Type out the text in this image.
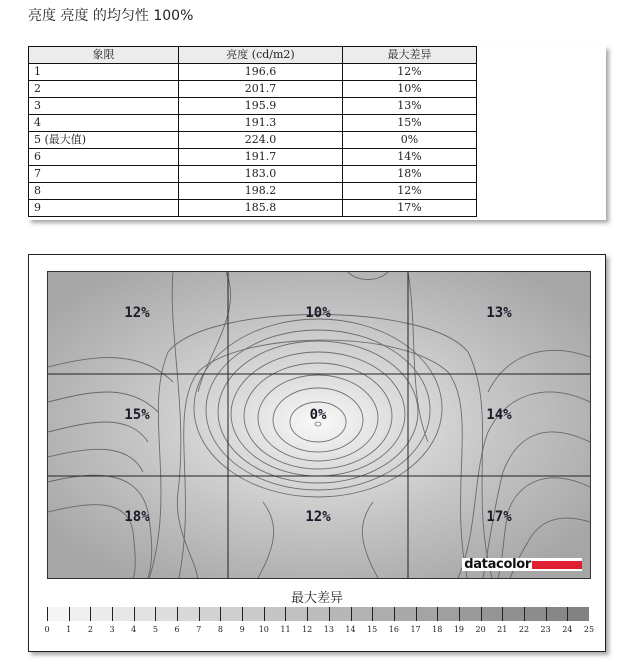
亮度 亮度 的均匀性 100%
象限	亮度 (cd/m2)	最大差异
1	196.6	12%
2	201.7	10%
3	195.9	13%
4	191.3	15%
5 (最大值)	224.0	0%
6	191.7	14%
7	183.0	18%
8	198.2	12%
9	185.8	17%
12%	10%	13%
15%	0%	14%
18%	12%	17%
datacolor
最大差异
0 1 2 3 4 5 6 7 8 9 10 11 12 13 14 15 16 17 18 19 20 21 22 23 24 25
